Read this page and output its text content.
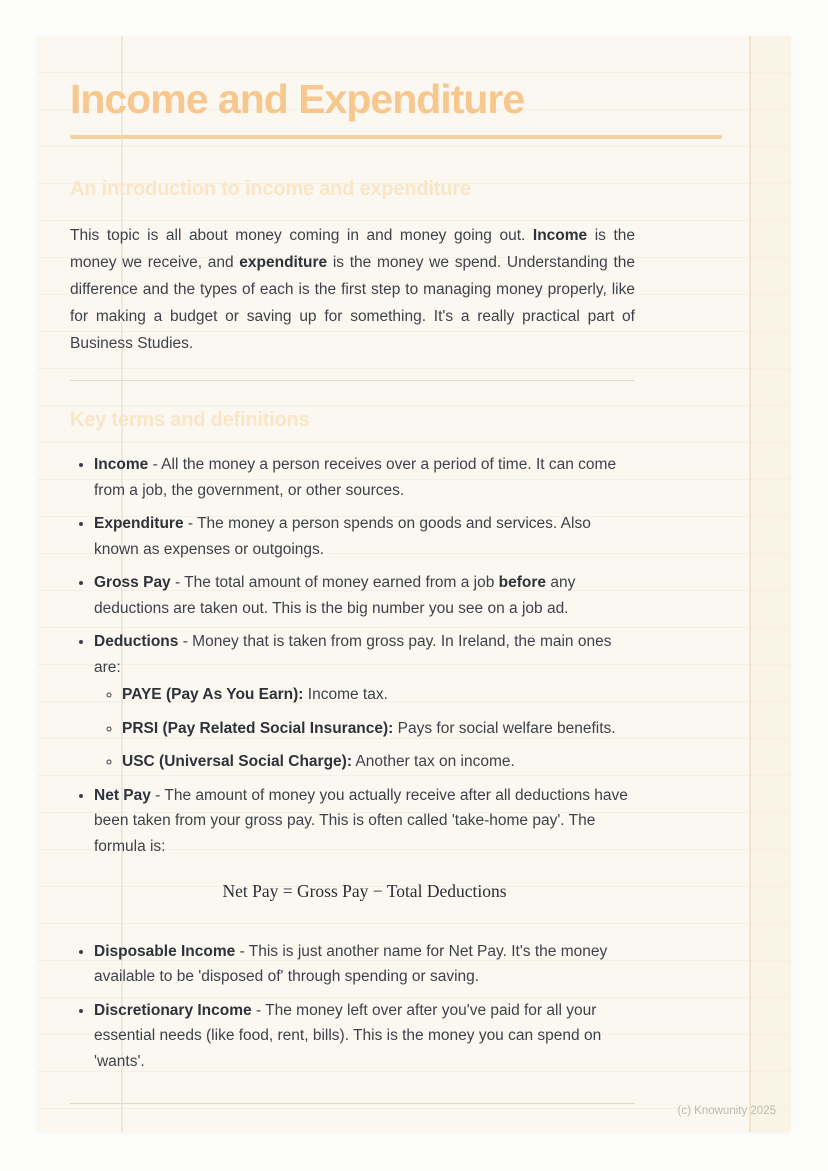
Income and Expenditure
An introduction to income and expenditure

This topic is all about money coming in and money going out. Income is the money we receive, and expenditure is the money we spend. Understanding the difference and the types of each is the first step to managing money properly, like for making a budget or saving up for something. It's a really practical part of Business Studies.

Key terms and definitions
• Income - All the money a person receives over a period of time. It can come from a job, the government, or other sources.
• Expenditure - The money a person spends on goods and services. Also known as expenses or outgoings.
• Gross Pay - The total amount of money earned from a job before any deductions are taken out. This is the big number you see on a job ad.
• Deductions - Money that is taken from gross pay. In Ireland, the main ones are:
◦ PAYE (Pay As You Earn): Income tax.
◦ PRSI (Pay Related Social Insurance): Pays for social welfare benefits.
◦ USC (Universal Social Charge): Another tax on income.
• Net Pay - The amount of money you actually receive after all deductions have been taken from your gross pay. This is often called 'take-home pay'. The formula is:
Net Pay = Gross Pay − Total Deductions
• Disposable Income - This is just another name for Net Pay. It's the money available to be 'disposed of' through spending or saving.
• Discretionary Income - The money left over after you've paid for all your essential needs (like food, rent, bills). This is the money you can spend on 'wants'.
(c) Knowunity 2025
